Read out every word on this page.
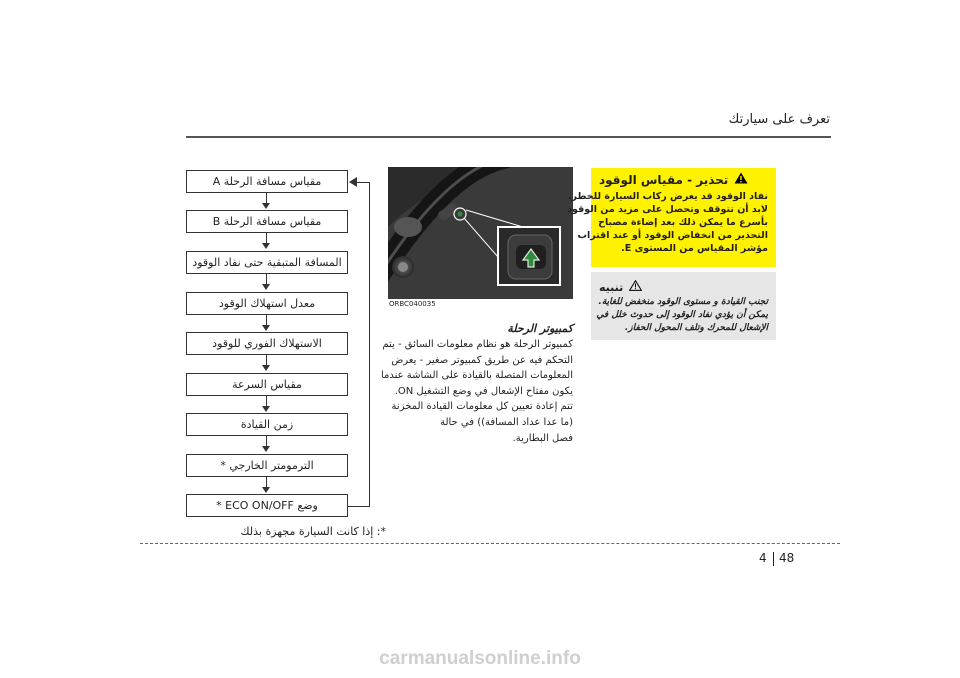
تعرف على سيارتك
مقياس مسافة الرحلة A
مقياس مسافة الرحلة B
المسافة المتبقية حتى نفاد الوقود
معدل استهلاك الوقود
الاستهلاك الفوري للوقود
مقياس السرعة
زمن القيادة
الترمومتر الخارجي *
وضع ECO ON/OFF *
*: إذا كانت السيارة مجهزة بذلك
ORBC040035
كمبيوتر الرحلة
كمبيوتر الرحلة هو نظام معلومات السائق - يتم
التحكم فيه عن طريق كمبيوتر صغير - يعرض
المعلومات المتصلة بالقيادة على الشاشة عندما
يكون مفتاح الإشعال في وضع التشغيل ON.
تتم إعادة تعيين كل معلومات القيادة المخزنة
(ما عدا عداد المسافة)) في حالة
فصل البطارية.
تحذير - مقياس الوقود
نفاد الوقود قد يعرض ركاب السيارة للخطر.
لابد أن تتوقف وتحصل على مزيد من الوقود
بأسرع ما يمكن ذلك بعد إضاءة مصباح
التحذير من انخفاض الوقود أو عند اقتراب
مؤشر المقياس من المستوى E.
تنبيه
تجنب القيادة و مستوى الوقود منخفض للغاية.
يمكن أن يؤدي نفاد الوقود إلى حدوث خلل في
الإشعال للمحرك وتلف المحول الحفاز.
4 48
carmanualsonline.info
